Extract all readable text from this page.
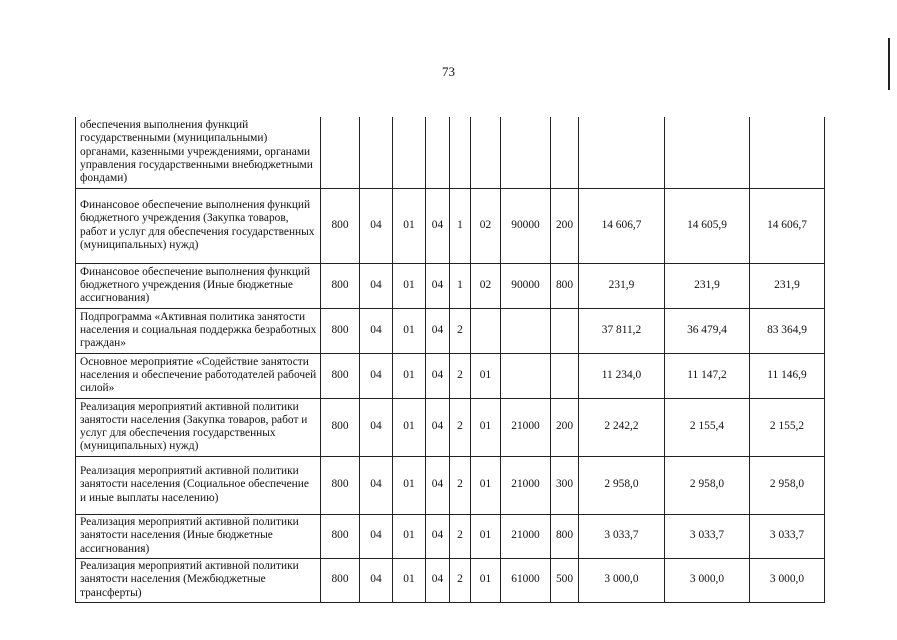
73
обеспечения выполнения функций государственными (муниципальными) органами, казенными учреждениями, органами управления государственными внебюджетными фондами)											
Финансовое обеспечение выполнения функций бюджетного учреждения (Закупка товаров, работ и услуг для обеспечения государственных (муниципальных) нужд)	800	04	01	04	1	02	90000	200	14 606,7	14 605,9	14 606,7
Финансовое обеспечение выполнения функций бюджетного учреждения (Иные бюджетные ассигнования)	800	04	01	04	1	02	90000	800	231,9	231,9	231,9
Подпрограмма «Активная политика занятости населения и социальная поддержка безработных граждан»	800	04	01	04	2				37 811,2	36 479,4	83 364,9
Основное мероприятие «Содействие занятости населения и обеспечение работодателей рабочей силой»	800	04	01	04	2	01			11 234,0	11 147,2	11 146,9
Реализация мероприятий активной политики занятости населения (Закупка товаров, работ и услуг для обеспечения государственных (муниципальных) нужд)	800	04	01	04	2	01	21000	200	2 242,2	2 155,4	2 155,2
Реализация мероприятий активной политики занятости населения (Социальное обеспечение и иные выплаты населению)	800	04	01	04	2	01	21000	300	2 958,0	2 958,0	2 958,0
Реализация мероприятий активной политики занятости населения (Иные бюджетные ассигнования)	800	04	01	04	2	01	21000	800	3 033,7	3 033,7	3 033,7
Реализация мероприятий активной политики занятости населения (Межбюджетные трансферты)	800	04	01	04	2	01	61000	500	3 000,0	3 000,0	3 000,0
